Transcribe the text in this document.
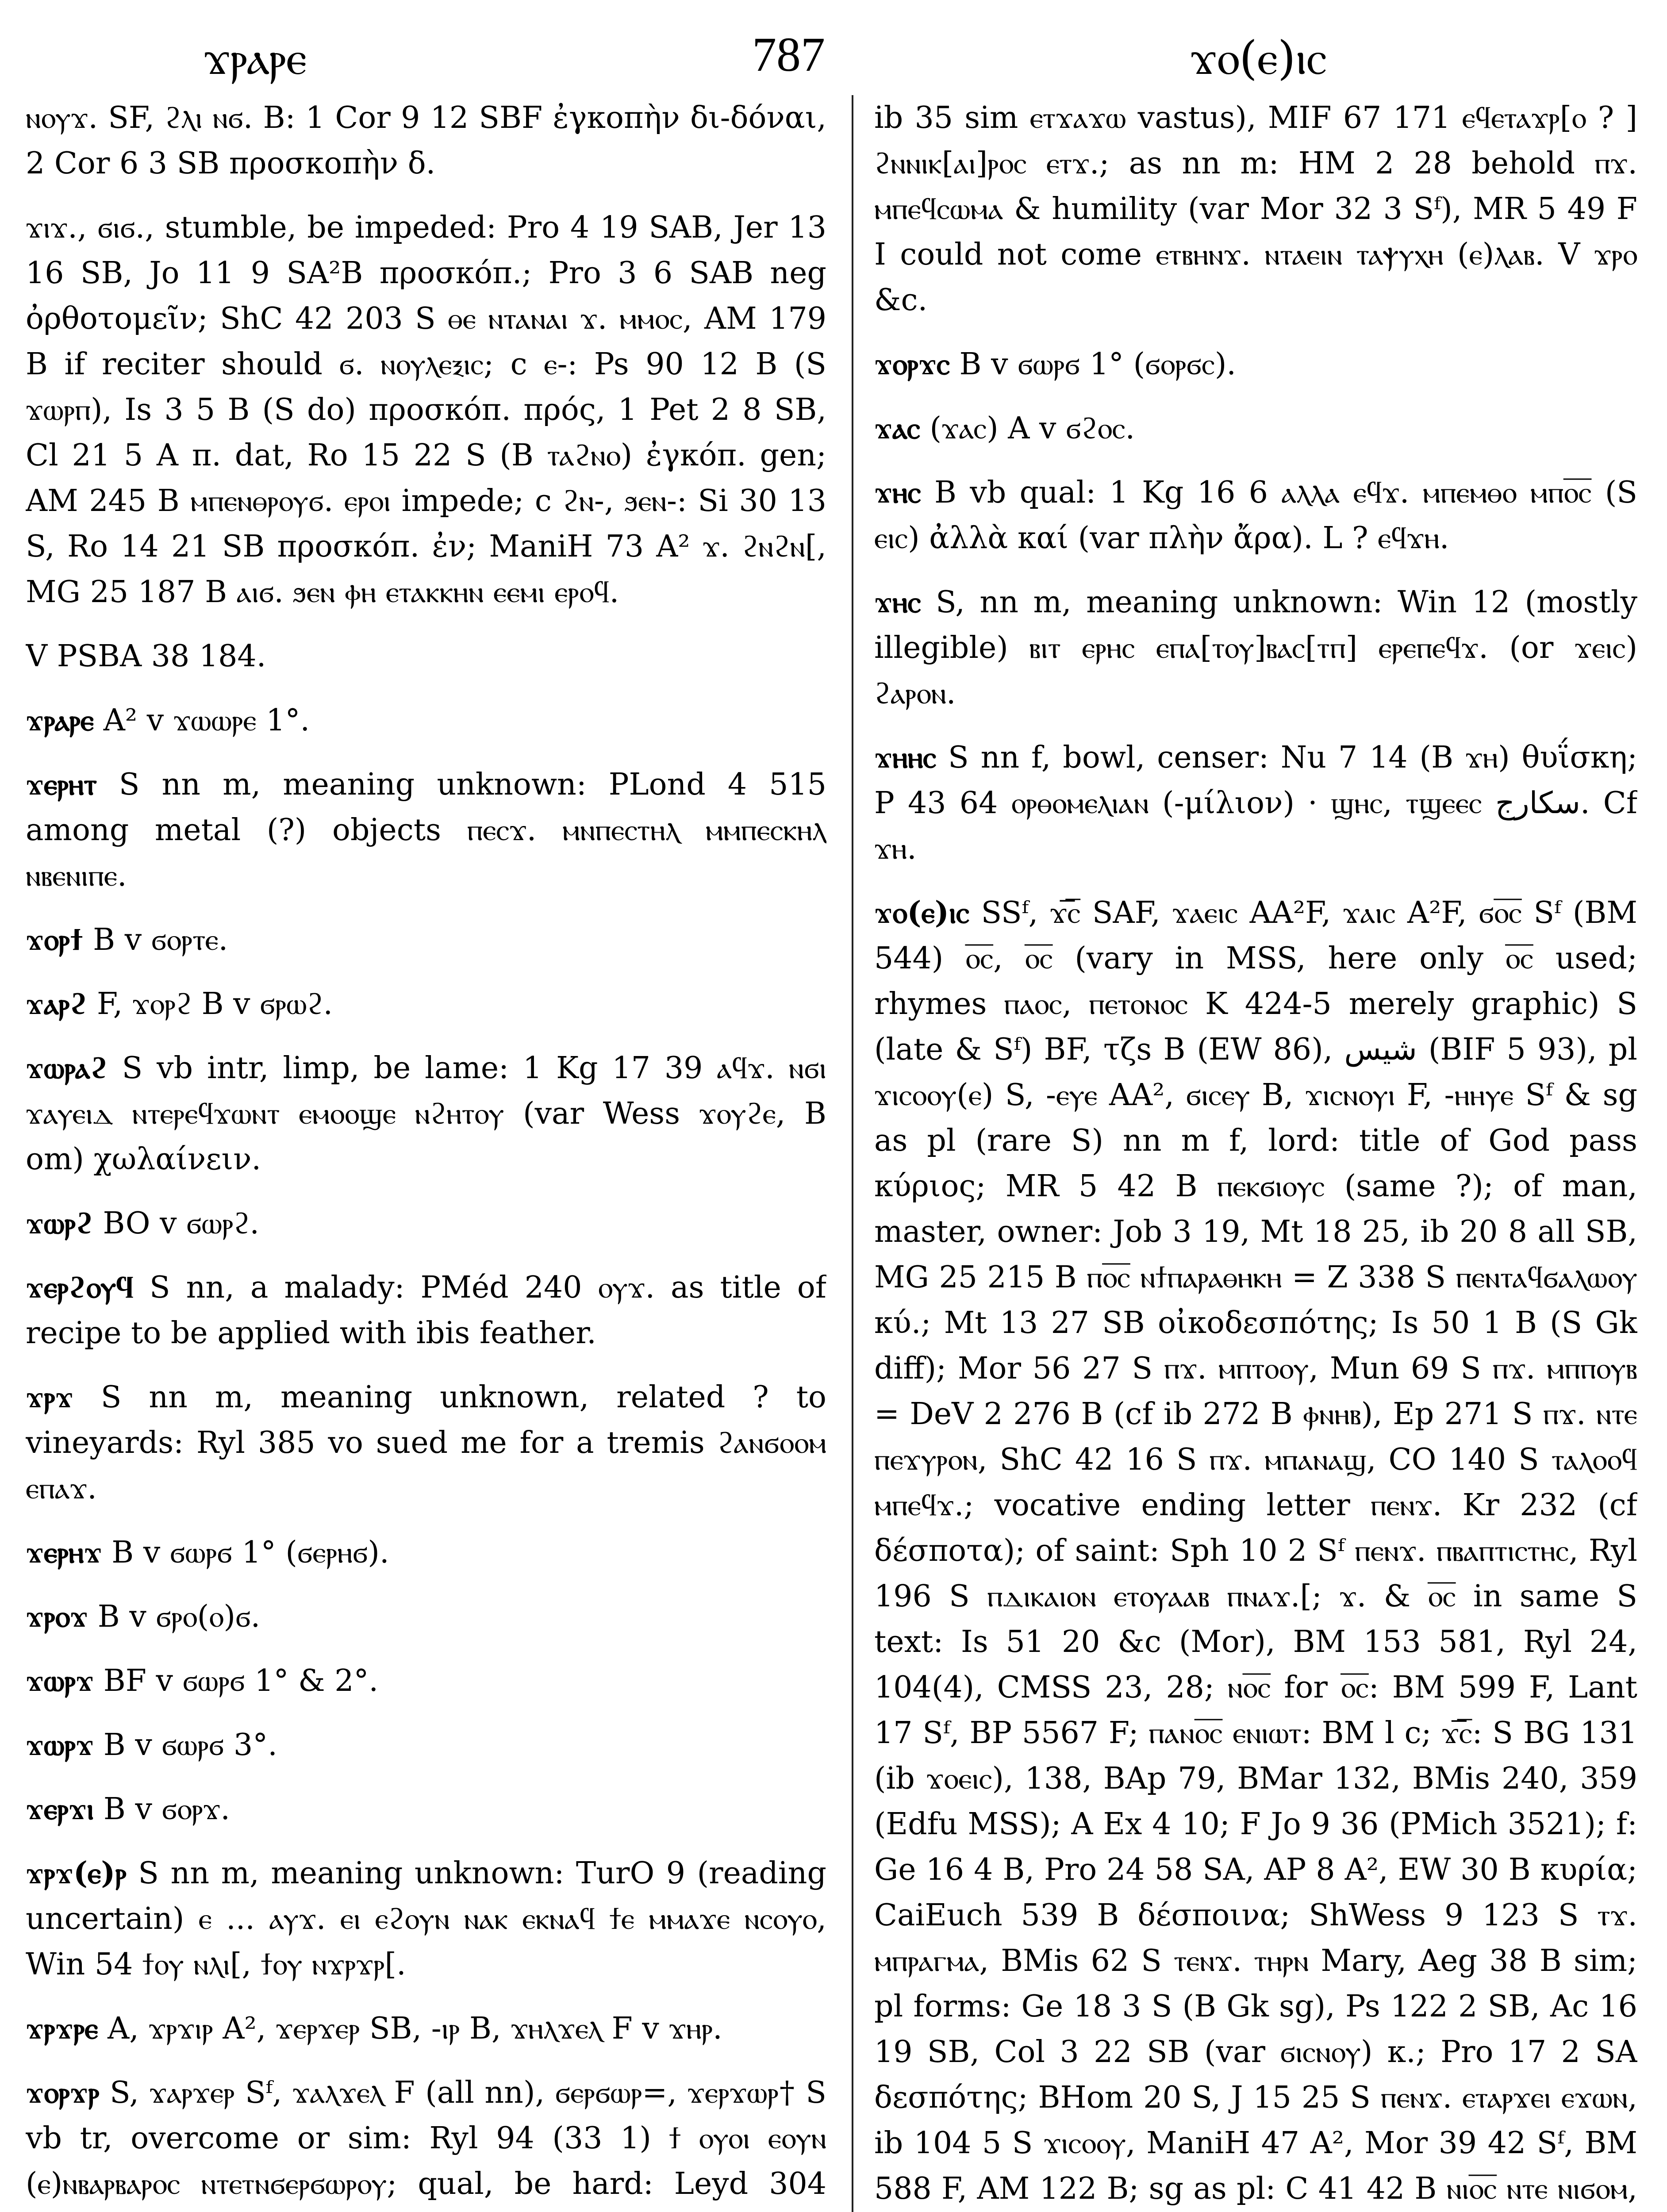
ϫⲣⲁⲣⲉ	787	ϫⲟ(ⲉ)ⲓⲥ

ⲛⲟⲩϫ. SF, ϩⲗⲓ ⲛϭ. B: 1 Cor 9 12 SBF ἐγκοπὴν δι-δόναι, 2 Cor 6 3 SB προσκοπὴν δ.

ϫⲓϫ., ϭⲓϭ., stumble, be impeded: Pro 4 19 SAB, Jer 13 16 SB, Jo 11 9 SA²B προσκόπ.; Pro 3 6 SAB neg ὀρθοτομεῖν; ShC 42 203 S ⲑⲉ ⲛⲧⲁⲛⲁⲓ ϫ. ⲙⲙⲟⲥ, AM 179 B if reciter should ϭ. ⲛⲟⲩⲗⲉⲝⲓⲥ; c ⲉ-: Ps 90 12 B (S ϫⲱⲣⲡ), Is 3 5 B (S do) προσκόπ. πρός, 1 Pet 2 8 SB, Cl 21 5 A π. dat, Ro 15 22 S (B ⲧⲁϩⲛⲟ) ἐγκόπ. gen; AM 245 B ⲙⲡⲉⲛⲑⲣⲟⲩϭ. ⲉⲣⲟⲓ impede; c ϩⲛ-, ϧⲉⲛ-: Si 30 13 S, Ro 14 21 SB προσκόπ. ἐν; ManiH 73 A² ϫ. ϩⲛϩⲛ[, MG 25 187 B ⲁⲓϭ. ϧⲉⲛ ⲫⲏ ⲉⲧⲁⲕⲕⲏⲛ ⲉⲉⲙⲓ ⲉⲣⲟϥ.

V PSBA 38 184.

ϫⲣⲁⲣⲉ A² v ϫⲱⲱⲣⲉ 1°.

ϫⲉⲣⲏⲧ S nn m, meaning unknown: PLond 4 515 among metal (?) objects ⲡⲉⲥϫ. ⲙⲛⲡⲉⲥⲧⲏⲗ ⲙⲙⲡⲉⲥⲕⲏⲗ ⲛⲃⲉⲛⲓⲡⲉ.

ϫⲟⲣϯ B v ϭⲟⲣⲧⲉ.

ϫⲁⲣϩ F, ϫⲟⲣϩ B v ϭⲣⲱϩ.

ϫⲱⲣⲁϩ S vb intr, limp, be lame: 1 Kg 17 39 ⲁϥϫ. ⲛϭⲓ ϫⲁⲩⲉⲓⲇ ⲛⲧⲉⲣⲉϥϫⲱⲛⲧ ⲉⲙⲟⲟϣⲉ ⲛϩⲏⲧⲟⲩ (var Wess ϫⲟⲩϩⲉ, B om) χωλαίνειν.

ϫⲱⲣϩ BO v ϭⲱⲣϩ.

ϫⲉⲣϩⲟⲩϥ S nn, a malady: PMéd 240 ⲟⲩϫ. as title of recipe to be applied with ibis feather.

ϫⲣϫ S nn m, meaning unknown, related ? to vineyards: Ryl 385 vo sued me for a tremis ϩⲁⲛϭⲟⲟⲙ ⲉⲡⲁϫ.

ϫⲉⲣⲏϫ B v ϭⲱⲣϭ 1° (ϭⲉⲣⲏϭ).

ϫⲣⲟϫ B v ϭⲣⲟ(ⲟ)ϭ.

ϫⲱⲣϫ BF v ϭⲱⲣϭ 1° & 2°.

ϫⲱⲣϫ B v ϭⲱⲣϭ 3°.

ϫⲉⲣϫⲓ B v ϭⲟⲣϫ.

ϫⲣϫ(ⲉ)ⲣ S nn m, meaning unknown: TurO 9 (reading uncertain) ⲉ ... ⲁⲩϫ. ⲉⲓ ⲉϩⲟⲩⲛ ⲛⲁⲕ ⲉⲕⲛⲁϥ ϯⲉ ⲙⲙⲁϫⲉ ⲛⲥⲟⲩⲟ, Win 54 ϯⲟⲩ ⲛⲗⲓ[, ϯⲟⲩ ⲛϫⲣϫⲣ[.

ϫⲣϫⲣⲉ A, ϫⲣϫⲓⲣ A², ϫⲉⲣϫⲉⲣ SB, -ⲓⲣ B, ϫⲏⲗϫⲉⲗ F v ϫⲏⲣ.

ϫⲟⲣϫⲣ S, ϫⲁⲣϫⲉⲣ Sᶠ, ϫⲁⲗϫⲉⲗ F (all nn), ϭⲉⲣϭⲱⲣ=, ϫⲉⲣϫⲱⲣ† S vb tr, overcome or sim: Ryl 94 (33 1) ϯ ⲟⲩⲟⲓ ⲉⲟⲩⲛ (ⲉ)ⲛⲃⲁⲣⲃⲁⲣⲟⲥ ⲛⲧⲉⲧⲛϭⲉⲣϭⲱⲣⲟⲩ; qual, be hard: Leyd 304

ib 35 sim ⲉⲧϫⲁϫⲱ vastus), MIF 67 171 ⲉϥⲉⲧⲁϫⲣ[ⲟ ? ] ϩⲛⲛⲓⲕ[ⲁⲓ]ⲣⲟⲥ ⲉⲧϫ.; as nn m: HM 2 28 behold ⲡϫ. ⲙⲡⲉϥⲥⲱⲙⲁ & humility (var Mor 32 3 Sᶠ), MR 5 49 F I could not come ⲉⲧⲃⲏⲛϫ. ⲛⲧⲁⲉⲓⲛ ⲧⲁⲯⲩⲭⲏ (ⲉ)ⲗⲁⲃ. V ϫⲣⲟ &c.

ϫⲟⲣϫⲥ B v ϭⲱⲣϭ 1° (ϭⲟⲣϭⲥ).

ϫⲁⲥ (ϫⲁⲥ) A v ϭϩⲟⲥ.

ϫⲏⲥ B vb qual: 1 Kg 16 6 ⲁⲗⲗⲁ ⲉϥϫ. ⲙⲡⲉⲙⲑⲟ ⲙⲡⲟ̅ⲥ̅ (S ⲉⲓⲥ) ἀλλὰ καί (var πλὴν ἄρα). L ? ⲉϥϫⲏ.

ϫⲏⲥ S, nn m, meaning unknown: Win 12 (mostly illegible) ⲃⲓⲧ ⲉⲣⲏⲥ ⲉⲡⲁ[ⲧⲟⲩ]ⲃⲁⲥ[ⲧⲡ] ⲉⲣⲉⲡⲉϥϫ. (or ϫⲉⲓⲥ) ϩⲁⲣⲟⲛ.

ϫⲏⲏⲥ S nn f, bowl, censer: Nu 7 14 (B ϫⲏ) θυΐσκη; P 43 64 ⲟⲣⲑⲟⲙⲉⲗⲓⲁⲛ (-μίλιον) · ϣⲏⲥ, ⲧϣⲉⲉⲥ سكارج. Cf ϫⲏ.

ϫⲟ(ⲉ)ⲓⲥ SSᶠ, ϫ̅ⲥ̅ SAF, ϫⲁⲉⲓⲥ AA²F, ϫⲁⲓⲥ A²F, ϭⲟ̅ⲥ̅ Sᶠ (BM 544) ⲟ̅ⲥ̅, ⲟ̅ⲥ̅ (vary in MSS, here only ⲟ̅ⲥ̅ used; rhymes ⲡⲁⲟⲥ, ⲡⲉⲧⲟⲛⲟⲥ K 424-5 merely graphic) S (late & Sᶠ) BF, τζs B (EW 86), شيس (BIF 5 93), pl ϫⲓⲥⲟⲟⲩ(ⲉ) S, -ⲉⲩⲉ AA², ϭⲓⲥⲉⲩ B, ϫⲓⲥⲛⲟⲩⲓ F, -ⲏⲏⲩⲉ Sᶠ & sg as pl (rare S) nn m f, lord: title of God pass κύριος; MR 5 42 B ⲡⲉⲕϭⲓⲟⲩⲥ (same ?); of man, master, owner: Job 3 19, Mt 18 25, ib 20 8 all SB, MG 25 215 B ⲡⲟ̅ⲥ̅ ⲛϯⲡⲁⲣⲁⲑⲏⲕⲏ = Z 338 S ⲡⲉⲛⲧⲁϥϭⲁⲗⲱⲟⲩ κύ.; Mt 13 27 SB οἰκοδεσπότης; Is 50 1 B (S Gk diff); Mor 56 27 S ⲡϫ. ⲙⲡⲧⲟⲟⲩ, Mun 69 S ⲡϫ. ⲙⲡⲡⲟⲩⲃ = DeV 2 276 B (cf ib 272 B ⲫⲛⲏⲃ), Ep 271 S ⲡϫ. ⲛⲧⲉ ⲡⲉϫⲩⲣⲟⲛ, ShC 42 16 S ⲡϫ. ⲙⲡⲁⲛⲁϣ, CO 140 S ⲧⲁⲗⲟⲟϥ ⲙⲡⲉϥϫ.; vocative ending letter ⲡⲉⲛϫ. Kr 232 (cf δέσποτα); of saint: Sph 10 2 Sᶠ ⲡⲉⲛϫ. ⲡⲃⲁⲡⲧⲓⲥⲧⲏⲥ, Ryl 196 S ⲡⲇⲓⲕⲁⲓⲟⲛ ⲉⲧⲟⲩⲁⲁⲃ ⲡⲛⲁϫ.[; ϫ. & ⲟ̅ⲥ̅ in same S text: Is 51 20 &c (Mor), BM 153 581, Ryl 24, 104(4), CMSS 23, 28; ⲛⲟ̅ⲥ̅ for ⲟ̅ⲥ̅: BM 599 F, Lant 17 Sᶠ, BP 5567 F; ⲡⲁⲛⲟ̅ⲥ̅ ⲉⲛⲓⲱⲧ: BM l c; ϫ̅ⲥ̅: S BG 131 (ib ϫⲟⲉⲓⲥ), 138, BAp 79, BMar 132, BMis 240, 359 (Edfu MSS); A Ex 4 10; F Jo 9 36 (PMich 3521); f: Ge 16 4 B, Pro 24 58 SA, AP 8 A², EW 30 B κυρία; CaiEuch 539 B δέσποινα; ShWess 9 123 S ⲧϫ. ⲙⲡⲣⲁⲅⲙⲁ, BMis 62 S ⲧⲉⲛϫ. ⲧⲏⲣⲛ Mary, Aeg 38 B sim; pl forms: Ge 18 3 S (B Gk sg), Ps 122 2 SB, Ac 16 19 SB, Col 3 22 SB (var ϭⲓⲥⲛⲟⲩ) κ.; Pro 17 2 SA δεσπότης; BHom 20 S, J 15 25 S ⲡⲉⲛϫ. ⲉⲧⲁⲣϫⲉⲓ ⲉϫⲱⲛ, ib 104 5 S ϫⲓⲥⲟⲟⲩ, ManiH 47 A², Mor 39 42 Sᶠ, BM 588 F, AM 122 B; sg as pl: C 41 42 B ⲛⲓⲟ̅ⲥ̅ ⲛⲧⲉ ⲛⲓϭⲟⲙ,
